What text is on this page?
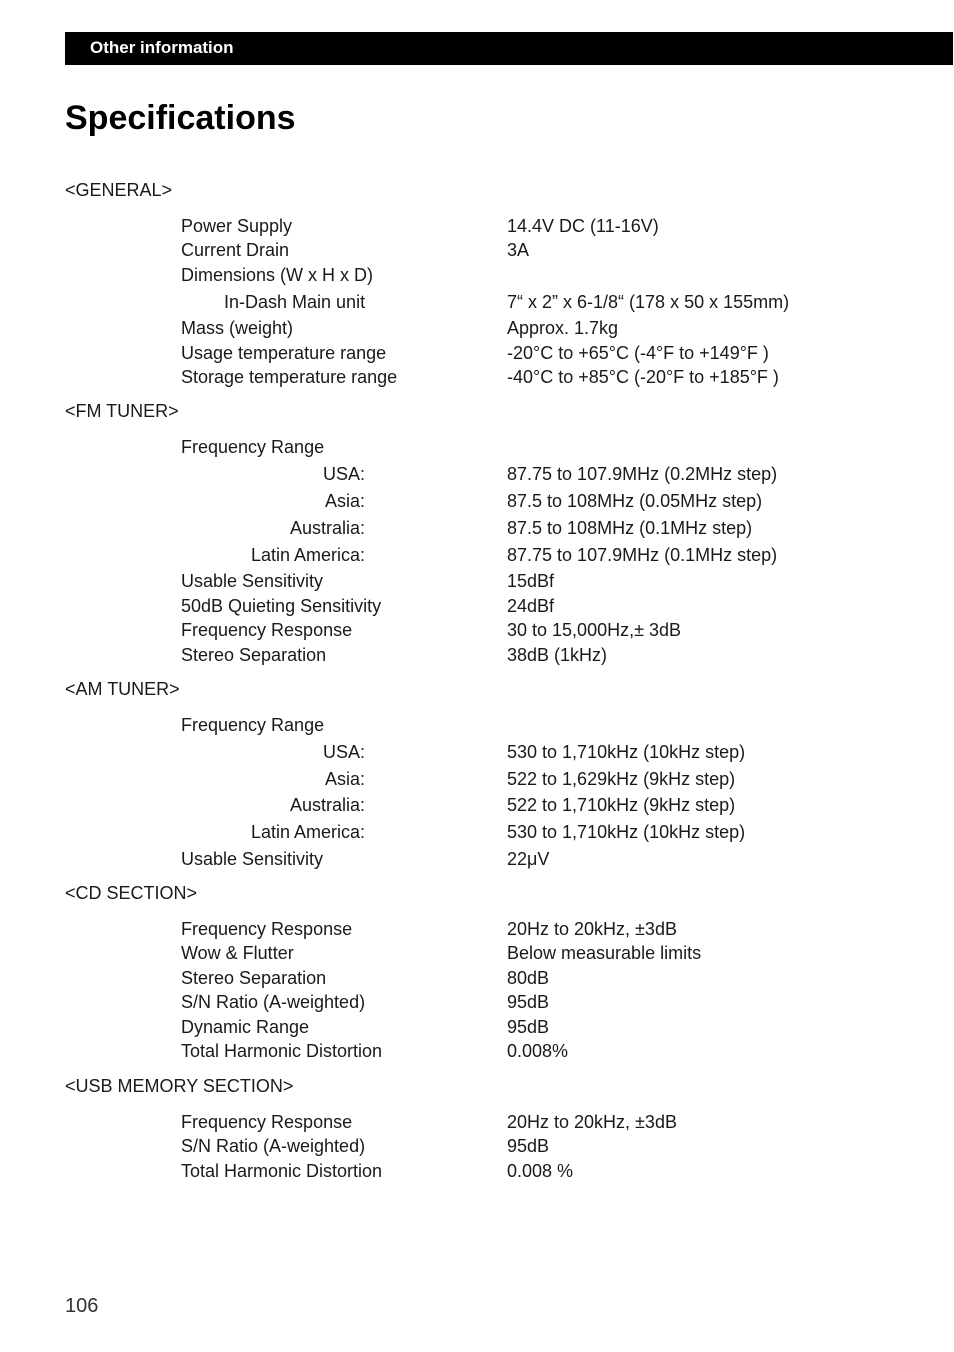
Other information
Specifications
<GENERAL>
Power Supply	14.4V DC (11-16V)
Current Drain	3A
Dimensions (W x H x D)
In-Dash Main unit	7“ x 2” x 6-1/8“ (178 x 50 x 155mm)
Mass (weight)	Approx. 1.7kg
Usage temperature range	-20°C to +65°C (-4°F to +149°F )
Storage temperature range	-40°C to +85°C (-20°F to +185°F )
<FM TUNER>
Frequency Range
USA:	87.75 to 107.9MHz (0.2MHz step)
Asia:	87.5 to 108MHz (0.05MHz step)
Australia:	87.5 to 108MHz (0.1MHz step)
Latin America:	87.75 to 107.9MHz (0.1MHz step)
Usable Sensitivity	15dBf
50dB Quieting Sensitivity	24dBf
Frequency Response	30 to 15,000Hz,± 3dB
Stereo Separation	38dB (1kHz)
<AM TUNER>
Frequency Range
USA:	530 to 1,710kHz (10kHz step)
Asia:	522 to 1,629kHz (9kHz step)
Australia:	522 to 1,710kHz (9kHz step)
Latin America:	530 to 1,710kHz (10kHz step)
Usable Sensitivity	22μV
<CD SECTION>
Frequency Response	20Hz to 20kHz, ±3dB
Wow & Flutter	Below measurable limits
Stereo Separation	80dB
S/N Ratio (A-weighted)	95dB
Dynamic Range	95dB
Total Harmonic Distortion	0.008%
<USB MEMORY SECTION>
Frequency Response	20Hz to 20kHz, ±3dB
S/N Ratio (A-weighted)	95dB
Total Harmonic Distortion	0.008 %
106
